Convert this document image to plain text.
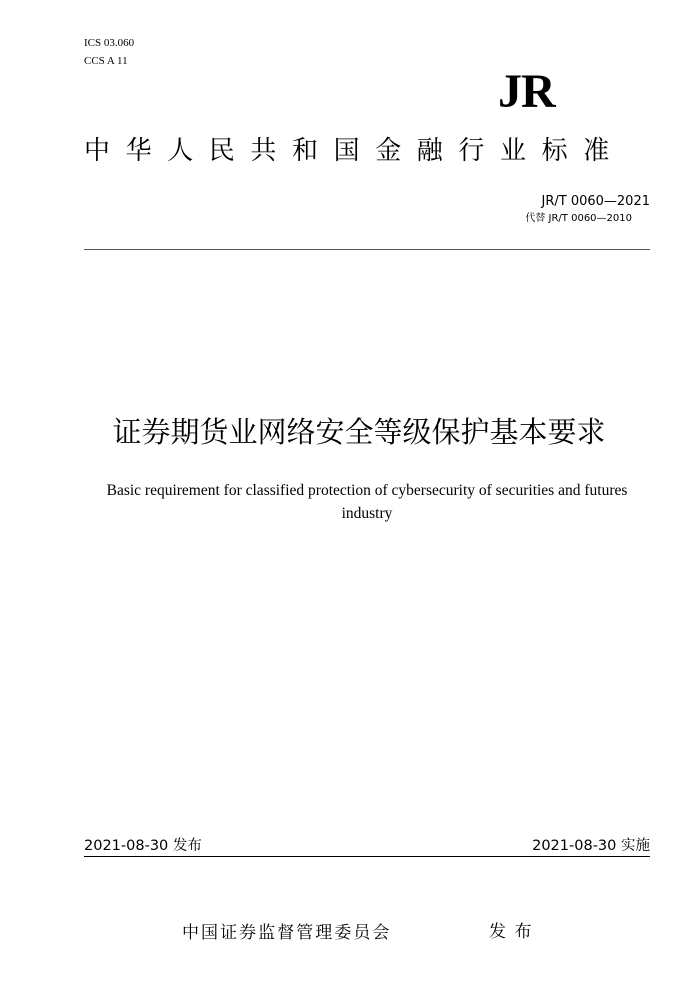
ICS 03.060
CCS A 11
JR
中华人民共和国金融行业标准
JR/T 0060—2021
代替 JR/T 0060—2010
证券期货业网络安全等级保护基本要求
Basic requirement for classified protection of cybersecurity of securities and futures industry
2021-08-30 发布	2021-08-30 实施
中国证券监督管理委员会	发布
